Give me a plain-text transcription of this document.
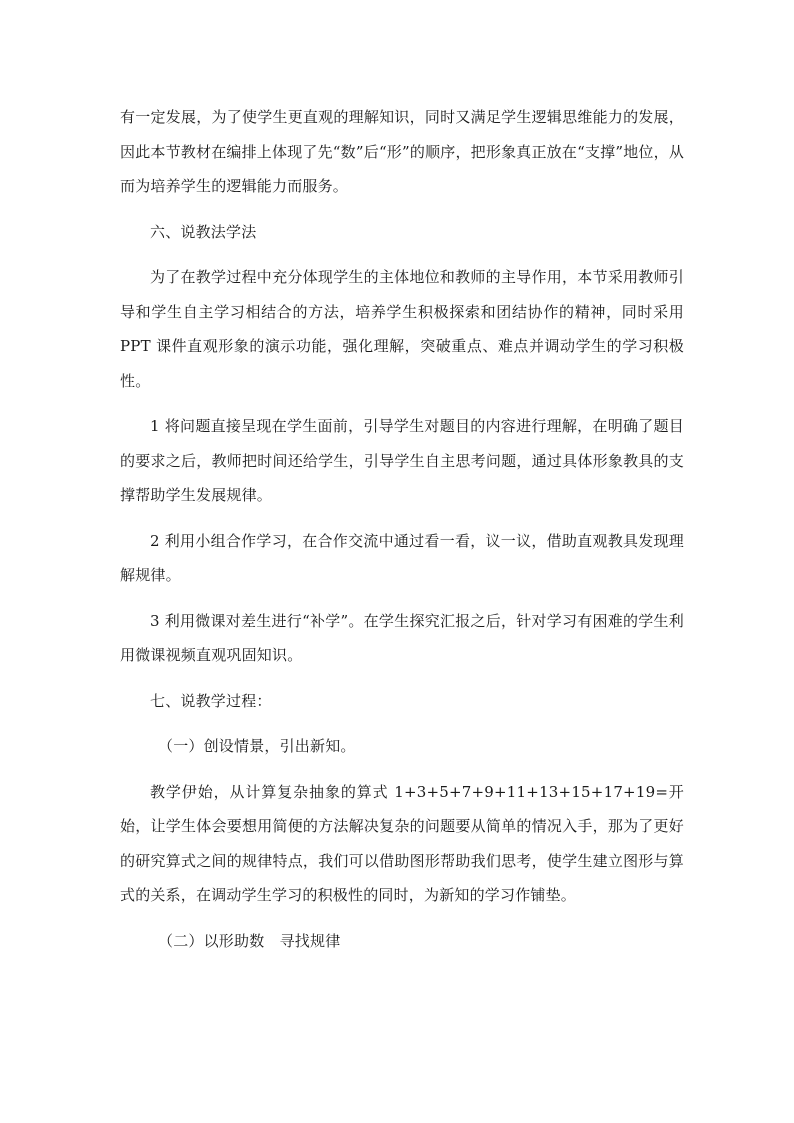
有一定发展，为了使学生更直观的理解知识，同时又满足学生逻辑思维能力的发展，因此本节教材在编排上体现了先“数”后“形”的顺序，把形象真正放在“支撑”地位，从而为培养学生的逻辑能力而服务。

六、说教法学法

为了在教学过程中充分体现学生的主体地位和教师的主导作用，本节采用教师引导和学生自主学习相结合的方法，培养学生积极探索和团结协作的精神，同时采用 PPT 课件直观形象的演示功能，强化理解，突破重点、难点并调动学生的学习积极性。

1 将问题直接呈现在学生面前，引导学生对题目的内容进行理解，在明确了题目的要求之后，教师把时间还给学生，引导学生自主思考问题，通过具体形象教具的支撑帮助学生发展规律。

2 利用小组合作学习，在合作交流中通过看一看，议一议，借助直观教具发现理解规律。

3 利用微课对差生进行“补学”。在学生探究汇报之后，针对学习有困难的学生利用微课视频直观巩固知识。

七、说教学过程：

（一）创设情景，引出新知。

教学伊始，从计算复杂抽象的算式 1+3+5+7+9+11+13+15+17+19=开始，让学生体会要想用简便的方法解决复杂的问题要从简单的情况入手，那为了更好的研究算式之间的规律特点，我们可以借助图形帮助我们思考，使学生建立图形与算式的关系，在调动学生学习的积极性的同时，为新知的学习作铺垫。

（二）以形助数　寻找规律
